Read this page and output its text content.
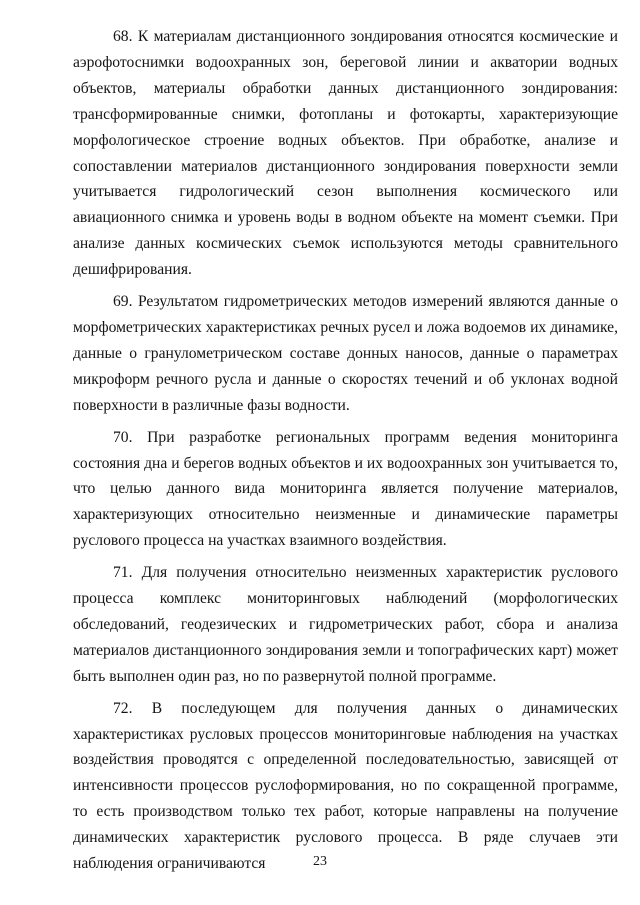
68. К материалам дистанционного зондирования относятся космические и аэрофотоснимки водоохранных зон, береговой линии и акватории водных объектов, материалы обработки данных дистанционного зондирования: трансформированные снимки, фотопланы и фотокарты, характеризующие морфологическое строение водных объектов. При обработке, анализе и сопоставлении материалов дистанционного зондирования поверхности земли учитывается гидрологический сезон выполнения космического или авиационного снимка и уровень воды в водном объекте на момент съемки. При анализе данных космических съемок используются методы сравнительного дешифрирования.

69. Результатом гидрометрических методов измерений являются данные о морфометрических характеристиках речных русел и ложа водоемов их динамике, данные о гранулометрическом составе донных наносов, данные о параметрах микроформ речного русла и данные о скоростях течений и об уклонах водной поверхности в различные фазы водности.

70. При разработке региональных программ ведения мониторинга состояния дна и берегов водных объектов и их водоохранных зон учитывается то, что целью данного вида мониторинга является получение материалов, характеризующих относительно неизменные и динамические параметры руслового процесса на участках взаимного воздействия.

71. Для получения относительно неизменных характеристик руслового процесса комплекс мониторинговых наблюдений (морфологических обследований, геодезических и гидрометрических работ, сбора и анализа материалов дистанционного зондирования земли и топографических карт) может быть выполнен один раз, но по развернутой полной программе.

72. В последующем для получения данных о динамических характеристиках русловых процессов мониторинговые наблюдения на участках воздействия проводятся с определенной последовательностью, зависящей от интенсивности процессов руслоформирования, но по сокращенной программе, то есть производством только тех работ, которые направлены на получение динамических характеристик руслового процесса. В ряде случаев эти наблюдения ограничиваются	23
